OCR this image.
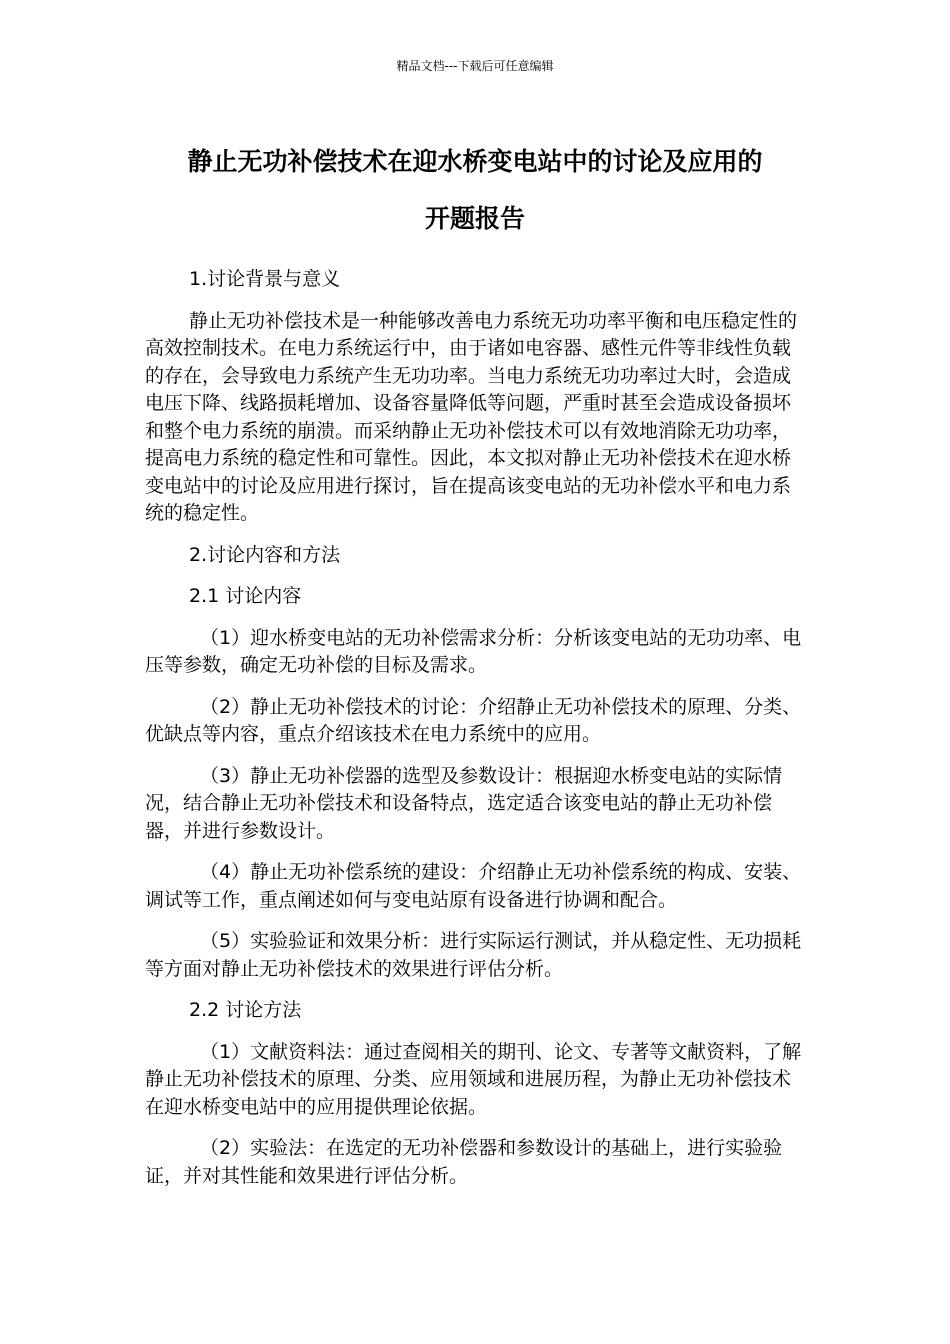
精品文档---下载后可任意编辑
静止无功补偿技术在迎水桥变电站中的讨论及应用的
开题报告

1.讨论背景与意义

静止无功补偿技术是一种能够改善电力系统无功功率平衡和电压稳定性的高效控制技术。在电力系统运行中，由于诸如电容器、感性元件等非线性负载的存在，会导致电力系统产生无功功率。当电力系统无功功率过大时，会造成电压下降、线路损耗增加、设备容量降低等问题，严重时甚至会造成设备损坏和整个电力系统的崩溃。而采纳静止无功补偿技术可以有效地消除无功功率，提高电力系统的稳定性和可靠性。因此，本文拟对静止无功补偿技术在迎水桥变电站中的讨论及应用进行探讨，旨在提高该变电站的无功补偿水平和电力系统的稳定性。

2.讨论内容和方法

2.1 讨论内容

（1）迎水桥变电站的无功补偿需求分析：分析该变电站的无功功率、电压等参数，确定无功补偿的目标及需求。

（2）静止无功补偿技术的讨论：介绍静止无功补偿技术的原理、分类、优缺点等内容，重点介绍该技术在电力系统中的应用。

（3）静止无功补偿器的选型及参数设计：根据迎水桥变电站的实际情况，结合静止无功补偿技术和设备特点，选定适合该变电站的静止无功补偿器，并进行参数设计。

（4）静止无功补偿系统的建设：介绍静止无功补偿系统的构成、安装、调试等工作，重点阐述如何与变电站原有设备进行协调和配合。

（5）实验验证和效果分析：进行实际运行测试，并从稳定性、无功损耗等方面对静止无功补偿技术的效果进行评估分析。

2.2 讨论方法

（1）文献资料法：通过查阅相关的期刊、论文、专著等文献资料，了解静止无功补偿技术的原理、分类、应用领域和进展历程，为静止无功补偿技术在迎水桥变电站中的应用提供理论依据。

（2）实验法：在选定的无功补偿器和参数设计的基础上，进行实验验证，并对其性能和效果进行评估分析。
